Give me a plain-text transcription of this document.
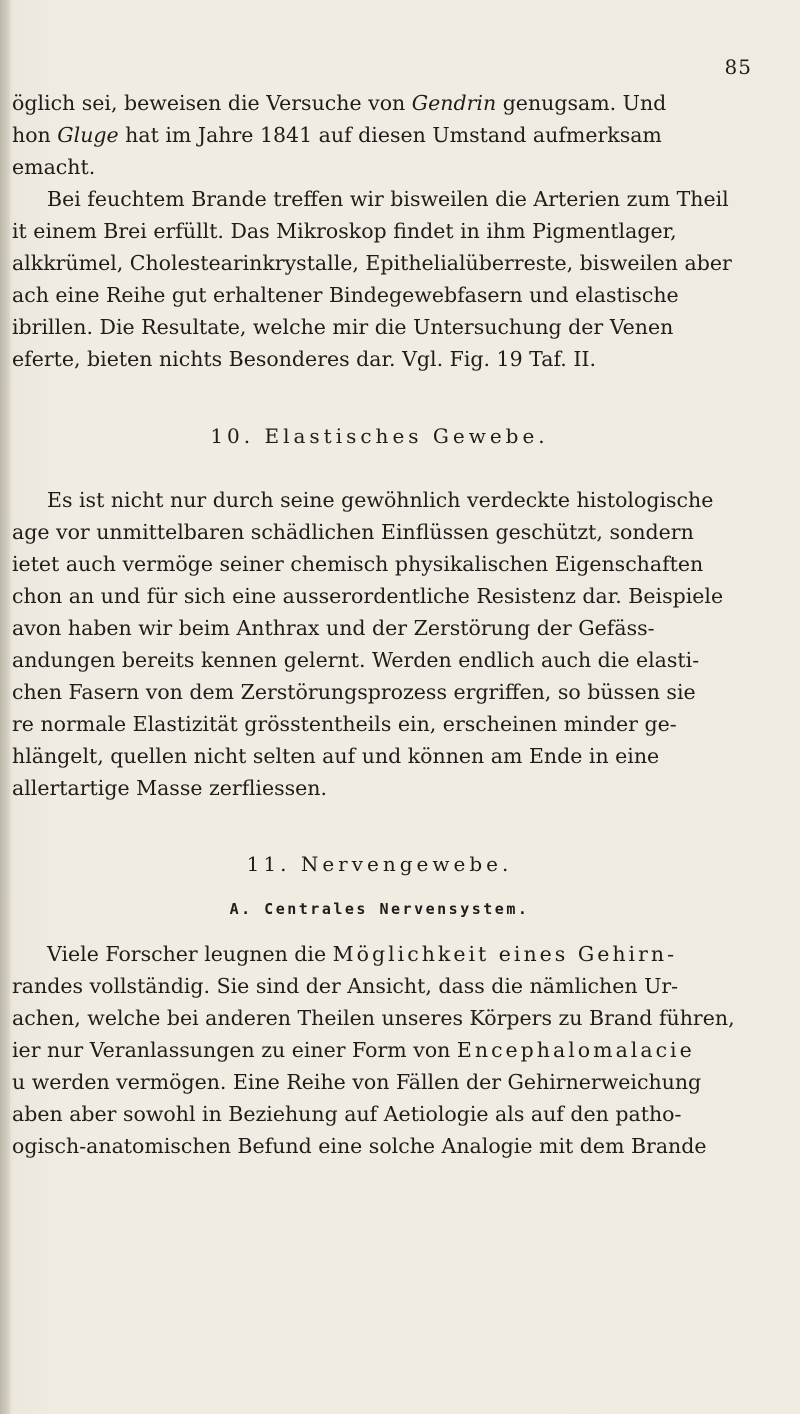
85
öglich sei, beweisen die Versuche von Gendrin genugsam. Und
hon Gluge hat im Jahre 1841 auf diesen Umstand aufmerksam
emacht.
Bei feuchtem Brande treffen wir bisweilen die Arterien zum Theil
it einem Brei erfüllt. Das Mikroskop findet in ihm Pigmentlager,
alkkrümel, Cholestearinkrystalle, Epithelialüberreste, bisweilen aber
ach eine Reihe gut erhaltener Bindegewebfasern und elastische
ibrillen. Die Resultate, welche mir die Untersuchung der Venen
eferte, bieten nichts Besonderes dar. Vgl. Fig. 19 Taf. II.
10. Elastisches Gewebe.
Es ist nicht nur durch seine gewöhnlich verdeckte histologische
age vor unmittelbaren schädlichen Einflüssen geschützt, sondern
ietet auch vermöge seiner chemisch physikalischen Eigenschaften
chon an und für sich eine ausserordentliche Resistenz dar. Beispiele
avon haben wir beim Anthrax und der Zerstörung der Gefäss-
andungen bereits kennen gelernt. Werden endlich auch die elasti-
chen Fasern von dem Zerstörungsprozess ergriffen, so büssen sie
re normale Elastizität grösstentheils ein, erscheinen minder ge-
hlängelt, quellen nicht selten auf und können am Ende in eine
allertartige Masse zerfliessen.
11. Nervengewebe.
A. Centrales Nervensystem.
Viele Forscher leugnen die Möglichkeit eines Gehirn-
randes vollständig. Sie sind der Ansicht, dass die nämlichen Ur-
achen, welche bei anderen Theilen unseres Körpers zu Brand führen,
ier nur Veranlassungen zu einer Form von Encephalomalacie
u werden vermögen. Eine Reihe von Fällen der Gehirnerweichung
aben aber sowohl in Beziehung auf Aetiologie als auf den patho-
ogisch-anatomischen Befund eine solche Analogie mit dem Brande
